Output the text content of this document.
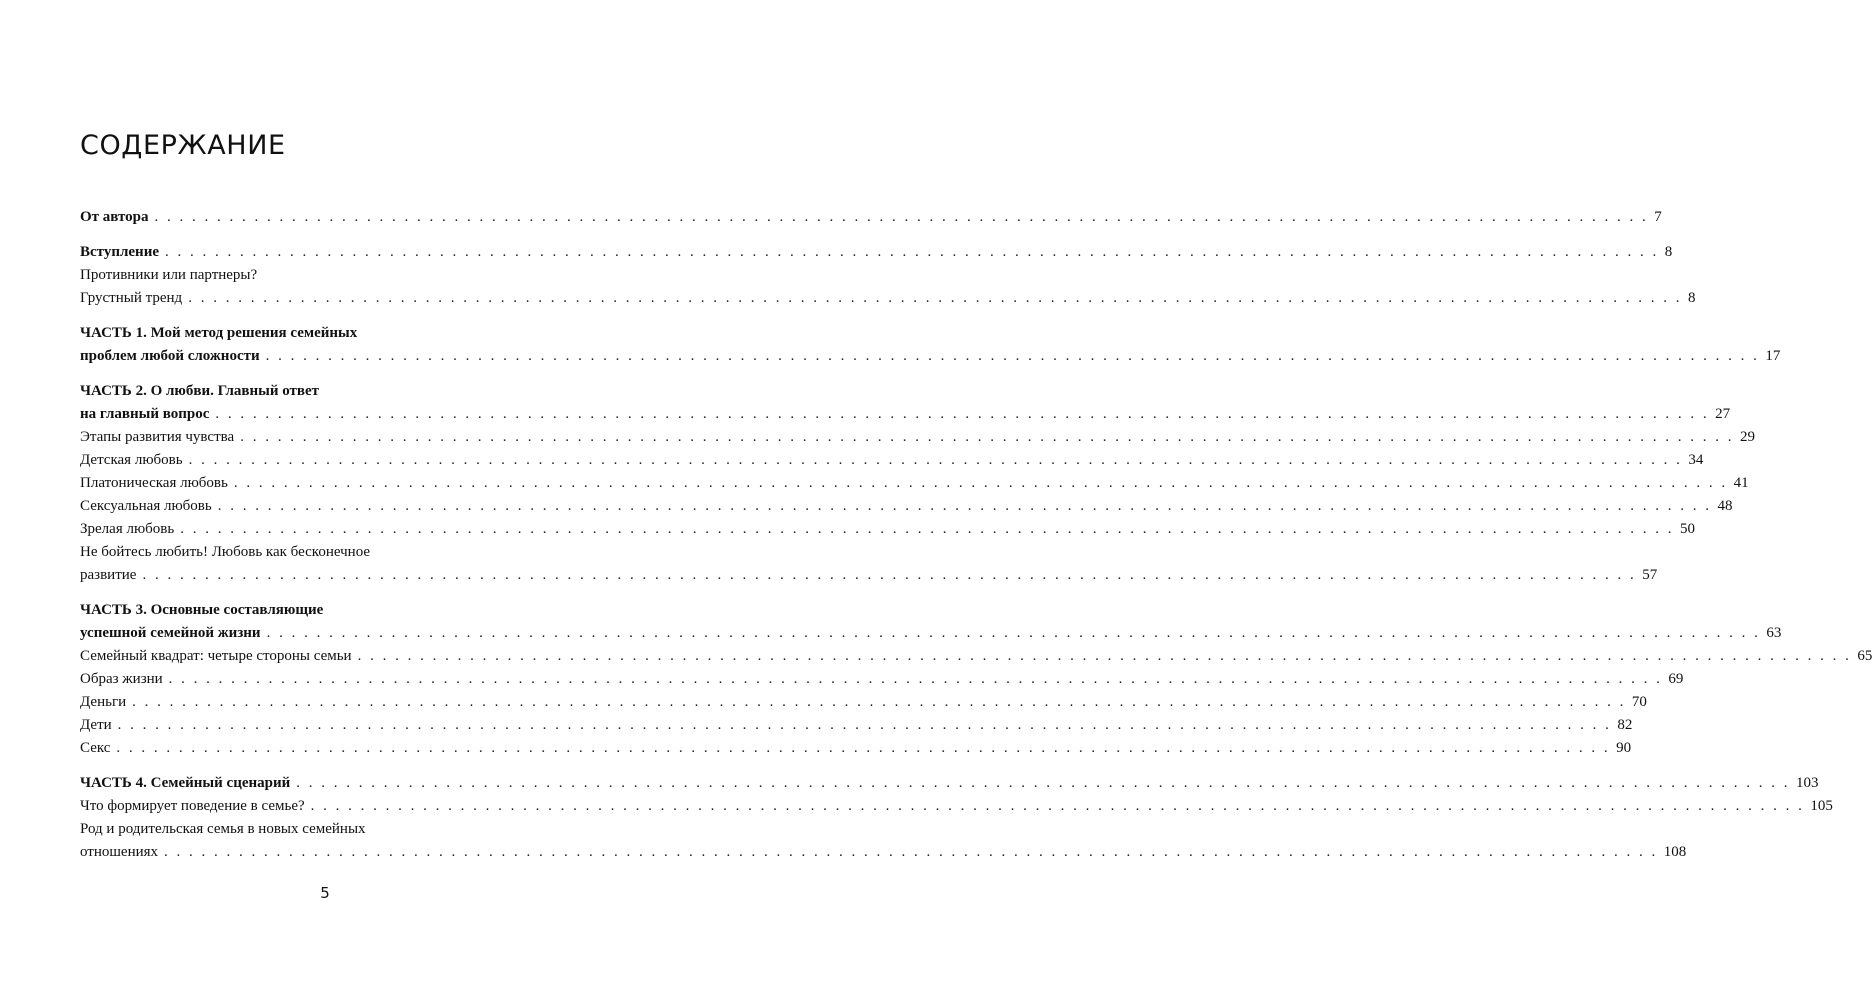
СОДЕРЖАНИЕ
От автора . . . . . . . . . . . . . . . . . . . . . . . . . . . . . . . . . . . . . . . . . . . . . . . . . . . . . . . . . . . . . . . . . . . . . . . . . . . . . . . . . . . . . . . . . . . . . . . . . . . . . . . . . . . . . . . . . . . . . . . . 7
Вступление . . . . . . . . . . . . . . . . . . . . . . . . . . . . . . . . . . . . . . . . . . . . . . . . . . . . . . . . . . . . . . . . . . . . . . . . . . . . . . . . . . . . . . . . . . . . . . . . . . . . . . . . . . . . . . . . . . . . . . . . 8
Противники или партнеры?
Грустный тренд . . . . . . . . . . . . . . . . . . . . . . . . . . . . . . . . . . . . . . . . . . . . . . . . . . . . . . . . . . . . . . . . . . . . . . . . . . . . . . . . . . . . . . . . . . . . . . . . . . . . . . . . . . . . . . . . . . . . . . . . 8
ЧАСТЬ 1. Мой метод решения семейных
проблем любой сложности . . . . . . . . . . . . . . . . . . . . . . . . . . . . . . . . . . . . . . . . . . . . . . . . . . . . . . . . . . . . . . . . . . . . . . . . . . . . . . . . . . . . . . . . . . . . . . . . . . . . . . . . . . . . . . . . . . . . . . . . 17
ЧАСТЬ 2. О любви. Главный ответ
на главный вопрос . . . . . . . . . . . . . . . . . . . . . . . . . . . . . . . . . . . . . . . . . . . . . . . . . . . . . . . . . . . . . . . . . . . . . . . . . . . . . . . . . . . . . . . . . . . . . . . . . . . . . . . . . . . . . . . . . . . . . . . . 27
Этапы развития чувства . . . . . . . . . . . . . . . . . . . . . . . . . . . . . . . . . . . . . . . . . . . . . . . . . . . . . . . . . . . . . . . . . . . . . . . . . . . . . . . . . . . . . . . . . . . . . . . . . . . . . . . . . . . . . . . . . . . . . . . . 29
Детская любовь . . . . . . . . . . . . . . . . . . . . . . . . . . . . . . . . . . . . . . . . . . . . . . . . . . . . . . . . . . . . . . . . . . . . . . . . . . . . . . . . . . . . . . . . . . . . . . . . . . . . . . . . . . . . . . . . . . . . . . . . 34
Платоническая любовь . . . . . . . . . . . . . . . . . . . . . . . . . . . . . . . . . . . . . . . . . . . . . . . . . . . . . . . . . . . . . . . . . . . . . . . . . . . . . . . . . . . . . . . . . . . . . . . . . . . . . . . . . . . . . . . . . . . . . . . . 41
Сексуальная любовь . . . . . . . . . . . . . . . . . . . . . . . . . . . . . . . . . . . . . . . . . . . . . . . . . . . . . . . . . . . . . . . . . . . . . . . . . . . . . . . . . . . . . . . . . . . . . . . . . . . . . . . . . . . . . . . . . . . . . . . . 48
Зрелая любовь . . . . . . . . . . . . . . . . . . . . . . . . . . . . . . . . . . . . . . . . . . . . . . . . . . . . . . . . . . . . . . . . . . . . . . . . . . . . . . . . . . . . . . . . . . . . . . . . . . . . . . . . . . . . . . . . . . . . . . . . 50
Не бойтесь любить! Любовь как бесконечное
развитие . . . . . . . . . . . . . . . . . . . . . . . . . . . . . . . . . . . . . . . . . . . . . . . . . . . . . . . . . . . . . . . . . . . . . . . . . . . . . . . . . . . . . . . . . . . . . . . . . . . . . . . . . . . . . . . . . . . . . . . . 57
ЧАСТЬ 3. Основные составляющие
успешной семейной жизни . . . . . . . . . . . . . . . . . . . . . . . . . . . . . . . . . . . . . . . . . . . . . . . . . . . . . . . . . . . . . . . . . . . . . . . . . . . . . . . . . . . . . . . . . . . . . . . . . . . . . . . . . . . . . . . . . . . . . . . . 63
Семейный квадрат: четыре стороны семьи . . . . . . . . . . . . . . . . . . . . . . . . . . . . . . . . . . . . . . . . . . . . . . . . . . . . . . . . . . . . . . . . . . . . . . . . . . . . . . . . . . . . . . . . . . . . . . . . . . . . . . . . . . . . . . . . . . . . . . . . 65
Образ жизни . . . . . . . . . . . . . . . . . . . . . . . . . . . . . . . . . . . . . . . . . . . . . . . . . . . . . . . . . . . . . . . . . . . . . . . . . . . . . . . . . . . . . . . . . . . . . . . . . . . . . . . . . . . . . . . . . . . . . . . . 69
Деньги . . . . . . . . . . . . . . . . . . . . . . . . . . . . . . . . . . . . . . . . . . . . . . . . . . . . . . . . . . . . . . . . . . . . . . . . . . . . . . . . . . . . . . . . . . . . . . . . . . . . . . . . . . . . . . . . . . . . . . . . 70
Дети . . . . . . . . . . . . . . . . . . . . . . . . . . . . . . . . . . . . . . . . . . . . . . . . . . . . . . . . . . . . . . . . . . . . . . . . . . . . . . . . . . . . . . . . . . . . . . . . . . . . . . . . . . . . . . . . . . . . . . . . 82
Секс . . . . . . . . . . . . . . . . . . . . . . . . . . . . . . . . . . . . . . . . . . . . . . . . . . . . . . . . . . . . . . . . . . . . . . . . . . . . . . . . . . . . . . . . . . . . . . . . . . . . . . . . . . . . . . . . . . . . . . . . 90
ЧАСТЬ 4. Семейный сценарий . . . . . . . . . . . . . . . . . . . . . . . . . . . . . . . . . . . . . . . . . . . . . . . . . . . . . . . . . . . . . . . . . . . . . . . . . . . . . . . . . . . . . . . . . . . . . . . . . . . . . . . . . . . . . . . . . . . . . . . . 103
Что формирует поведение в семье? . . . . . . . . . . . . . . . . . . . . . . . . . . . . . . . . . . . . . . . . . . . . . . . . . . . . . . . . . . . . . . . . . . . . . . . . . . . . . . . . . . . . . . . . . . . . . . . . . . . . . . . . . . . . . . . . . . . . . . . . 105
Род и родительская семья в новых семейных
отношениях . . . . . . . . . . . . . . . . . . . . . . . . . . . . . . . . . . . . . . . . . . . . . . . . . . . . . . . . . . . . . . . . . . . . . . . . . . . . . . . . . . . . . . . . . . . . . . . . . . . . . . . . . . . . . . . . . . . . . . . . 108
5
